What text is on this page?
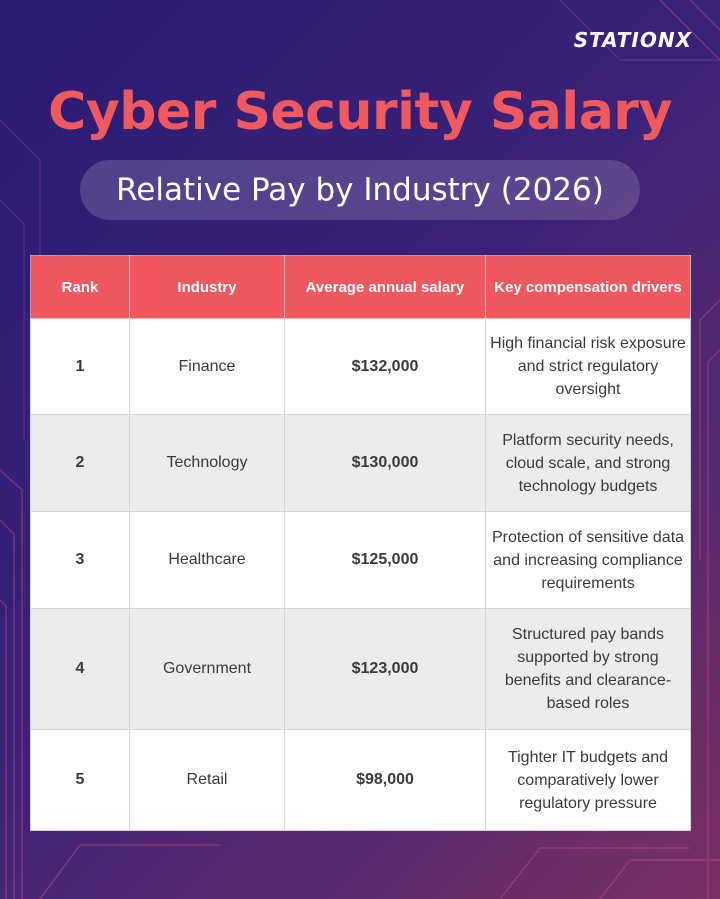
STATIONX
Cyber Security Salary
Relative Pay by Industry (2026)
Rank	Industry	Average annual salary	Key compensation drivers
1	Finance	$132,000	High financial risk exposure and strict regulatory oversight
2	Technology	$130,000	Platform security needs, cloud scale, and strong technology budgets
3	Healthcare	$125,000	Protection of sensitive data and increasing compliance requirements
4	Government	$123,000	Structured pay bands supported by strong benefits and clearance-based roles
5	Retail	$98,000	Tighter IT budgets and comparatively lower regulatory pressure
